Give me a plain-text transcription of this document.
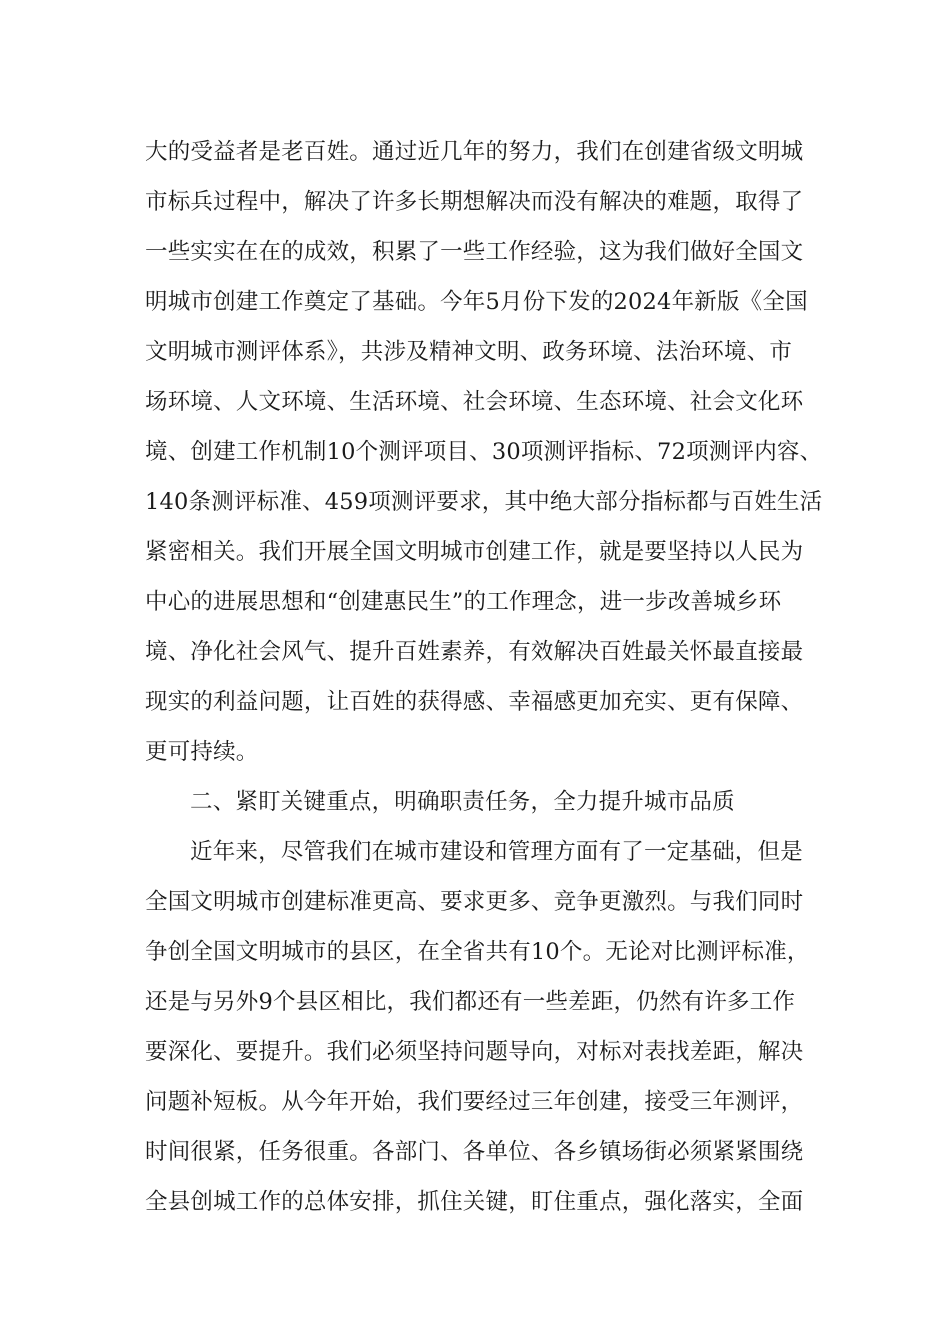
大的受益者是老百姓。通过近几年的努力，我们在创建省级文明城
市标兵过程中，解决了许多长期想解决而没有解决的难题，取得了
一些实实在在的成效，积累了一些工作经验，这为我们做好全国文
明城市创建工作奠定了基础。今年5月份下发的2024年新版《全国
文明城市测评体系》，共涉及精神文明、政务环境、法治环境、市
场环境、人文环境、生活环境、社会环境、生态环境、社会文化环
境、创建工作机制10个测评项目、30项测评指标、72项测评内容、
140条测评标准、459项测评要求，其中绝大部分指标都与百姓生活
紧密相关。我们开展全国文明城市创建工作，就是要坚持以人民为
中心的进展思想和“创建惠民生”的工作理念，进一步改善城乡环
境、净化社会风气、提升百姓素养，有效解决百姓最关怀最直接最
现实的利益问题，让百姓的获得感、幸福感更加充实、更有保障、
更可持续。
二、紧盯关键重点，明确职责任务，全力提升城市品质
近年来，尽管我们在城市建设和管理方面有了一定基础，但是
全国文明城市创建标准更高、要求更多、竞争更激烈。与我们同时
争创全国文明城市的县区，在全省共有10个。无论对比测评标准，
还是与另外9个县区相比，我们都还有一些差距，仍然有许多工作
要深化、要提升。我们必须坚持问题导向，对标对表找差距，解决
问题补短板。从今年开始，我们要经过三年创建，接受三年测评，
时间很紧，任务很重。各部门、各单位、各乡镇场街必须紧紧围绕
全县创城工作的总体安排，抓住关键，盯住重点，强化落实，全面
